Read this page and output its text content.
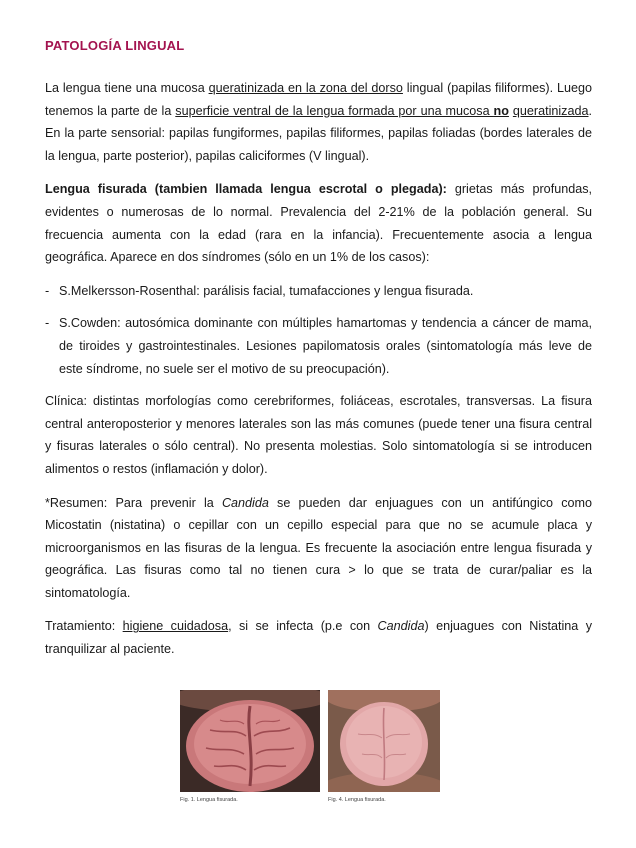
PATOLOGÍA LINGUAL

La lengua tiene una mucosa queratinizada en la zona del dorso lingual (papilas filiformes). Luego tenemos la parte de la superficie ventral de la lengua formada por una mucosa no queratinizada. En la parte sensorial: papilas fungiformes, papilas filiformes, papilas foliadas (bordes laterales de la lengua, parte posterior), papilas caliciformes (V lingual).

Lengua fisurada (tambien llamada lengua escrotal o plegada): grietas más profundas, evidentes o numerosas de lo normal. Prevalencia del 2-21% de la población general. Su frecuencia aumenta con la edad (rara en la infancia). Frecuentemente asocia a lengua geográfica. Aparece en dos síndromes (sólo en un 1% de los casos):

- S.Melkersson-Rosenthal: parálisis facial, tumafacciones y lengua fisurada.
- S.Cowden: autosómica dominante con múltiples hamartomas y tendencia a cáncer de mama, de tiroides y gastrointestinales. Lesiones papilomatosis orales (sintomatología más leve de este síndrome, no suele ser el motivo de su preocupación).

Clínica: distintas morfologías como cerebriformes, foliáceas, escrotales, transversas. La fisura central anteroposterior y menores laterales son las más comunes (puede tener una fisura central y fisuras laterales o sólo central). No presenta molestias. Solo sintomatología si se introducen alimentos o restos (inflamación y dolor).

*Resumen: Para prevenir la Candida se pueden dar enjuagues con un antifúngico como Micostatin (nistatina) o cepillar con un cepillo especial para que no se acumule placa y microorganismos en las fisuras de la lengua. Es frecuente la asociación entre lengua fisurada y geográfica. Las fisuras como tal no tienen cura > lo que se trata de curar/paliar es la sintomatología.

Tratamiento: higiene cuidadosa, si se infecta (p.e con Candida) enjuagues con Nistatina y tranquilizar al paciente.

Fig. 1. Lengua fisurada.	Fig. 4. Lengua fisurada.
